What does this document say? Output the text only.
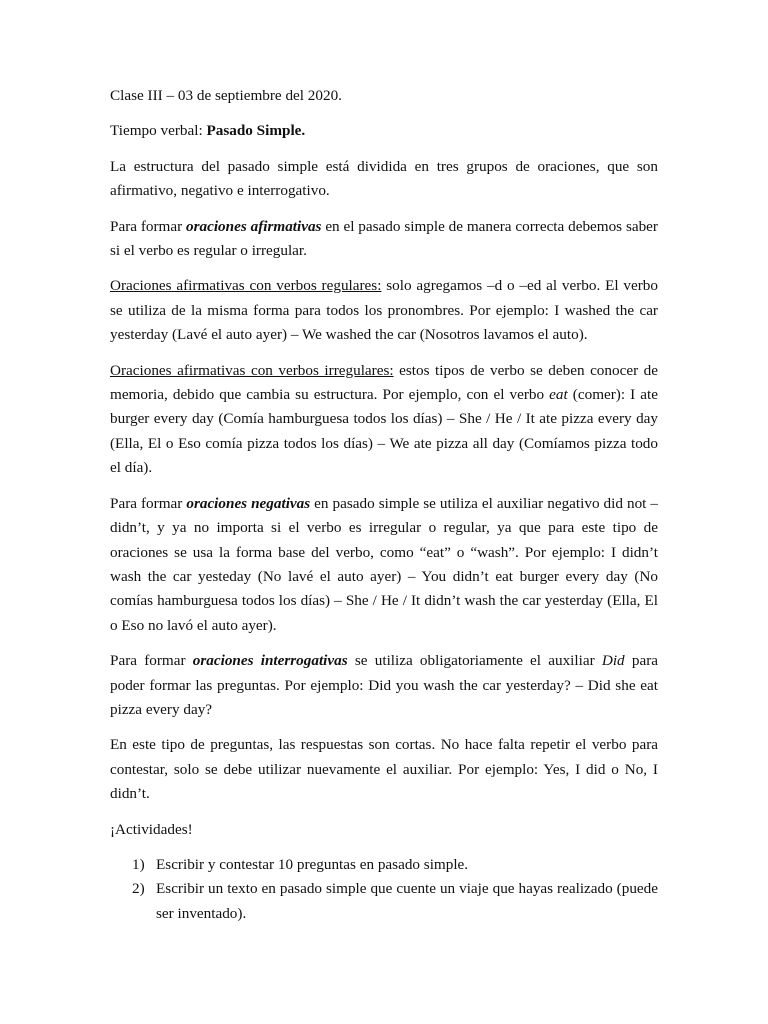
Clase III – 03 de septiembre del 2020.

Tiempo verbal: Pasado Simple.

La estructura del pasado simple está dividida en tres grupos de oraciones, que son afirmativo, negativo e interrogativo.

Para formar oraciones afirmativas en el pasado simple de manera correcta debemos saber si el verbo es regular o irregular.

Oraciones afirmativas con verbos regulares: solo agregamos –d o –ed al verbo. El verbo se utiliza de la misma forma para todos los pronombres. Por ejemplo: I washed the car yesterday (Lavé el auto ayer) – We washed the car (Nosotros lavamos el auto).

Oraciones afirmativas con verbos irregulares: estos tipos de verbo se deben conocer de memoria, debido que cambia su estructura. Por ejemplo, con el verbo eat (comer): I ate burger every day (Comía hamburguesa todos los días) – She / He / It ate pizza every day (Ella, El o Eso comía pizza todos los días) – We ate pizza all day (Comíamos pizza todo el día).

Para formar oraciones negativas en pasado simple se utiliza el auxiliar negativo did not – didn’t, y ya no importa si el verbo es irregular o regular, ya que para este tipo de oraciones se usa la forma base del verbo, como “eat” o “wash”. Por ejemplo: I didn’t wash the car yesteday (No lavé el auto ayer) – You didn’t eat burger every day (No comías hamburguesa todos los días) – She / He / It didn’t wash the car yesterday (Ella, El o Eso no lavó el auto ayer).

Para formar oraciones interrogativas se utiliza obligatoriamente el auxiliar Did para poder formar las preguntas. Por ejemplo: Did you wash the car yesterday? – Did she eat pizza every day?

En este tipo de preguntas, las respuestas son cortas. No hace falta repetir el verbo para contestar, solo se debe utilizar nuevamente el auxiliar. Por ejemplo: Yes, I did o No, I didn’t.

¡Actividades!

1) Escribir y contestar 10 preguntas en pasado simple.
2) Escribir un texto en pasado simple que cuente un viaje que hayas realizado (puede ser inventado).
